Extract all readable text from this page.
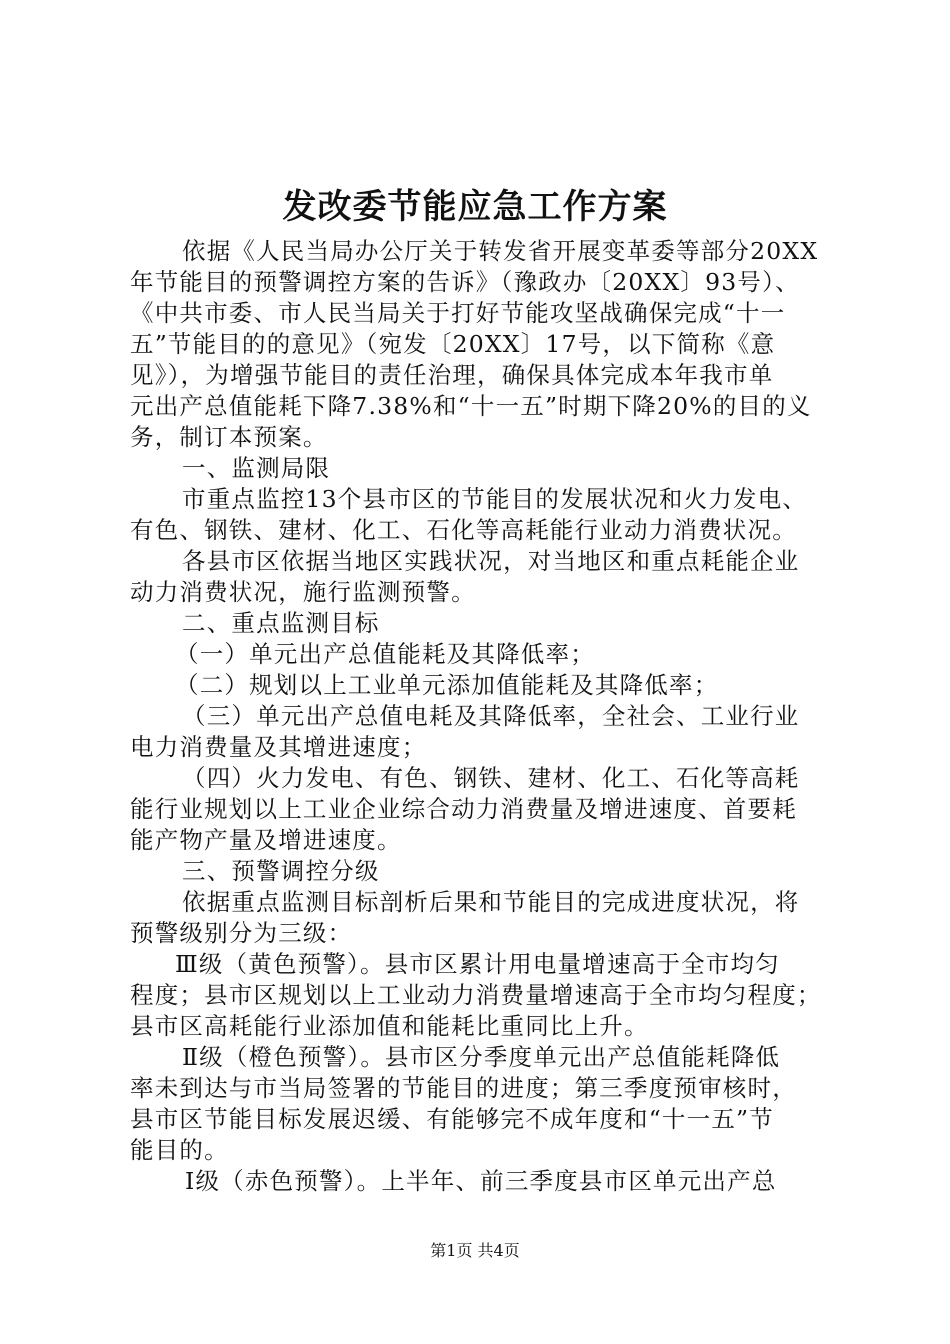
发改委节能应急工作方案
依据《人民当局办公厅关于转发省开展变革委等部分20XX
年节能目的预警调控方案的告诉》（豫政办〔20XX〕93号）、
《中共市委、市人民当局关于打好节能攻坚战确保完成“十一
五”节能目的的意见》（宛发〔20XX〕17号，以下简称《意
见》），为增强节能目的责任治理，确保具体完成本年我市单
元出产总值能耗下降7.38%和“十一五”时期下降20%的目的义
务，制订本预案。
一、监测局限
市重点监控13个县市区的节能目的发展状况和火力发电、
有色、钢铁、建材、化工、石化等高耗能行业动力消费状况。
各县市区依据当地区实践状况，对当地区和重点耗能企业
动力消费状况，施行监测预警。
二、重点监测目标
（一）单元出产总值能耗及其降低率；
（二）规划以上工业单元添加值能耗及其降低率；
（三）单元出产总值电耗及其降低率，全社会、工业行业
电力消费量及其增进速度；
（四）火力发电、有色、钢铁、建材、化工、石化等高耗
能行业规划以上工业企业综合动力消费量及增进速度、首要耗
能产物产量及增进速度。
三、预警调控分级
依据重点监测目标剖析后果和节能目的完成进度状况，将
预警级别分为三级：
Ⅲ级（黄色预警）。县市区累计用电量增速高于全市均匀
程度；县市区规划以上工业动力消费量增速高于全市均匀程度；
县市区高耗能行业添加值和能耗比重同比上升。
Ⅱ级（橙色预警）。县市区分季度单元出产总值能耗降低
率未到达与市当局签署的节能目的进度；第三季度预审核时，
县市区节能目标发展迟缓、有能够完不成年度和“十一五”节
能目的。
Ⅰ级（赤色预警）。上半年、前三季度县市区单元出产总
第1页 共4页
